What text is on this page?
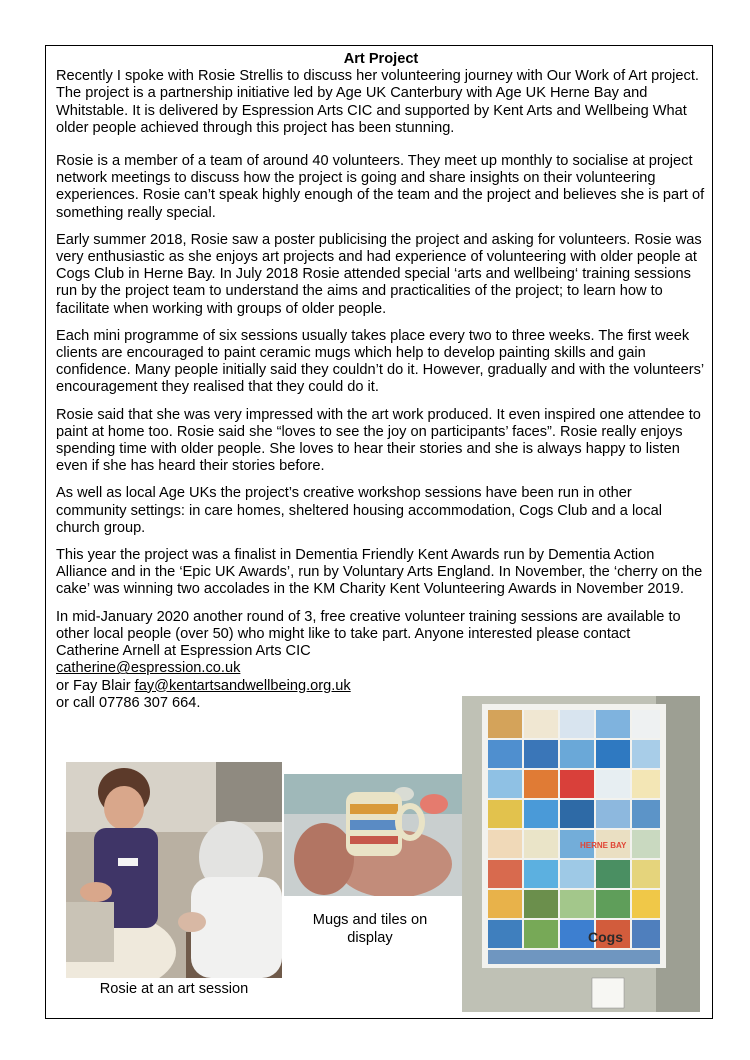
Art Project

Recently I spoke with Rosie Strellis to discuss her volunteering journey with Our Work of Art project. The project is a partnership initiative led by Age UK Canterbury with Age UK Herne Bay and Whitstable. It is delivered by Espression Arts CIC and supported by Kent Arts and Wellbeing What older people achieved through this project has been stunning.

Rosie is a member of a team of around 40 volunteers. They meet up monthly to socialise at project network meetings to discuss how the project is going and share insights on their volunteering experiences. Rosie can’t speak highly enough of the team and the project and believes she is part of something really special.

Early summer 2018, Rosie saw a poster publicising the project and asking for volunteers. Rosie was very enthusiastic as she enjoys art projects and had experience of volunteering with older people at Cogs Club in Herne Bay. In July 2018 Rosie attended special ‘arts and wellbeing‘ training sessions run by the project team to understand the aims and practicalities of the project; to learn how to facilitate when working with groups of older people.

Each mini programme of six sessions usually takes place every two to three weeks. The first week clients are encouraged to paint ceramic mugs which help to develop painting skills and gain confidence. Many people initially said they couldn’t do it. However, gradually and with the volunteers’ encouragement they realised that they could do it.

Rosie said that she was very impressed with the art work produced. It even inspired one attendee to paint at home too. Rosie said she “loves to see the joy on participants’ faces”. Rosie really enjoys spending time with older people. She loves to hear their stories and she is always happy to listen even if she has heard their stories before.

As well as local Age UKs the project’s creative workshop sessions have been run in other community settings: in care homes, sheltered housing accommodation, Cogs Club and a local church group.

This year the project was a finalist in Dementia Friendly Kent Awards run by Dementia Action Alliance and in the ‘Epic UK Awards’, run by Voluntary Arts England. In November, the ‘cherry on the cake’ was winning two accolades in the KM Charity Kent Volunteering Awards in November 2019.

In mid-January 2020 another round of 3, free creative volunteer training sessions are available to other local people (over 50) who might like to take part. Anyone interested please contact
Catherine Arnell at Espression Arts CIC
catherine@espression.co.uk
or Fay Blair fay@kentartsandwellbeing.org.uk
or call 07786 307 664.
Rosie at an art session
Mugs and tiles on display
HERNE BAY
Cogs
